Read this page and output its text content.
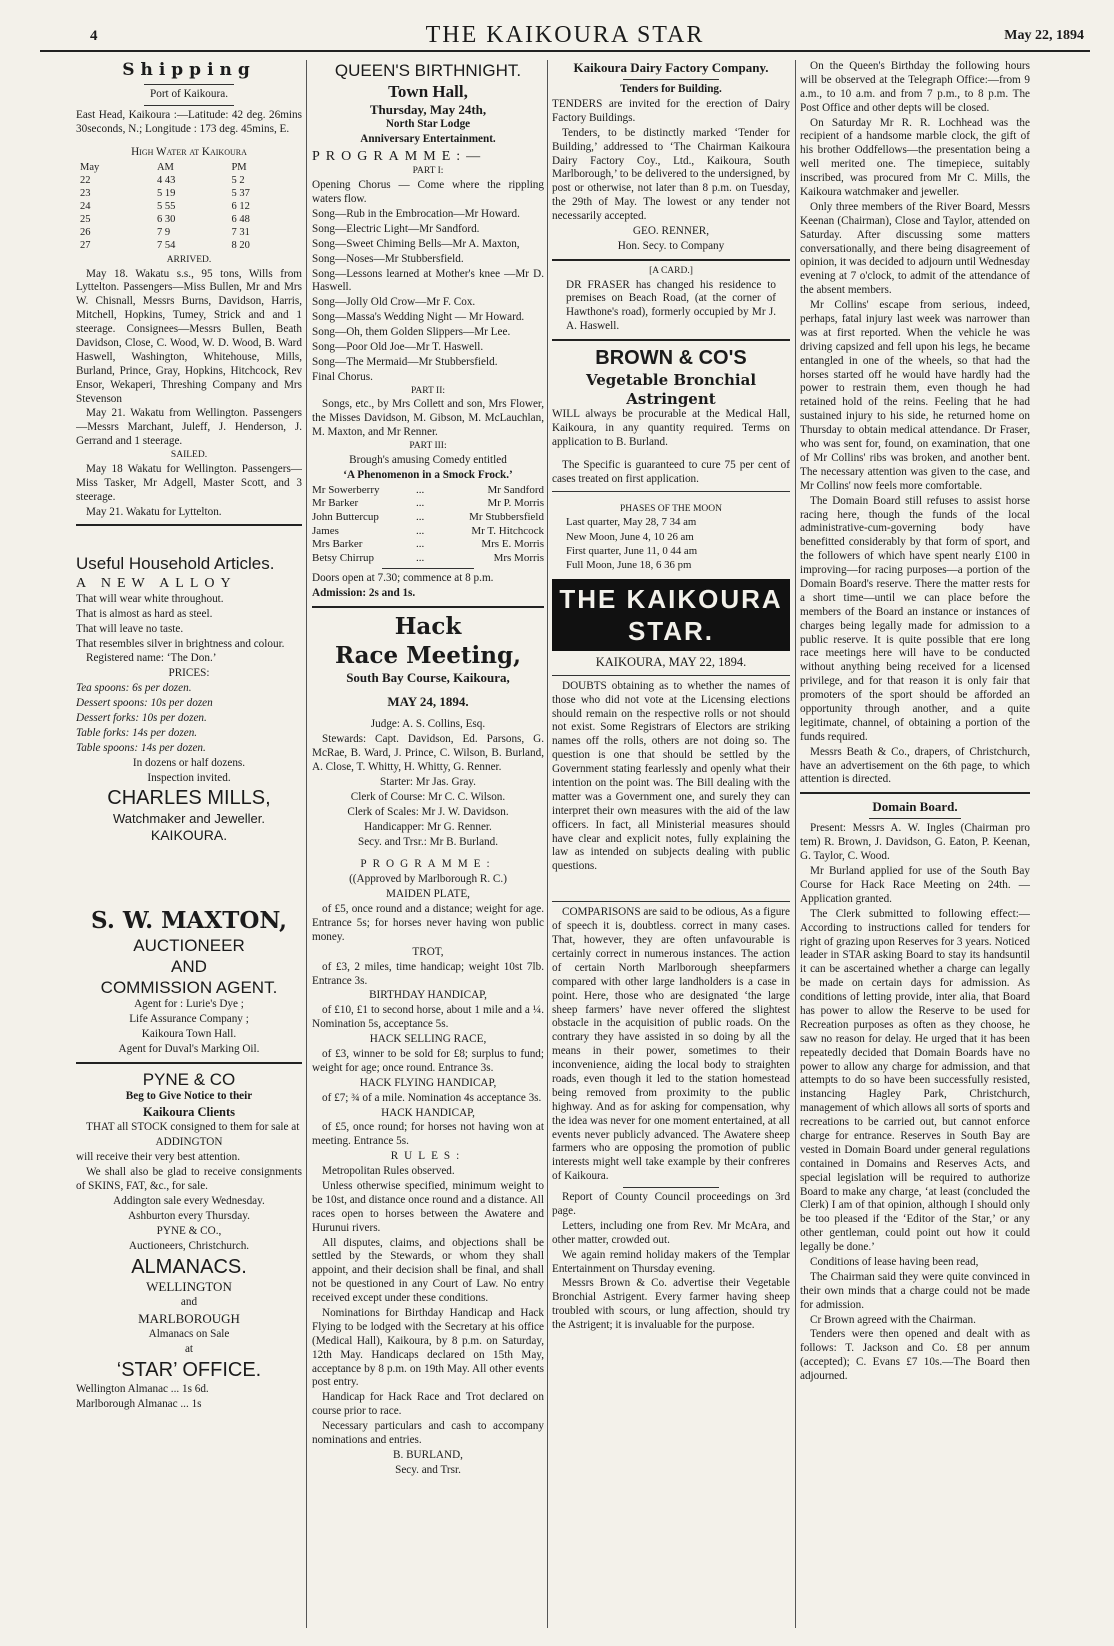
4	THE KAIKOURA STAR	May 22, 1894
Shipping

Port of Kaikoura.

East Head, Kaikoura :—Latitude: 42 deg. 26mins 30seconds, N.; Longitude : 173 deg. 45mins, E.

High Water at Kaikoura

May	AM	PM
22	4 43	5 2
23	5 19	5 37
24	5 55	6 12
25	6 30	6 48
26	7 9	7 31
27	7 54	8 20

ARRIVED.

May 18. Wakatu s.s., 95 tons, Wills from Lyttelton. Passengers—Miss Bullen, Mr and Mrs W. Chisnall, Messrs Burns, Davidson, Harris, Mitchell, Hopkins, Tumey, Strick and and 1 steerage. Consignees—Messrs Bullen, Beath Davidson, Close, C. Wood, W. D. Wood, B. Ward Haswell, Washington, Whitehouse, Mills, Burland, Prince, Gray, Hopkins, Hitchcock, Rev Ensor, Wekaperi, Threshing Company and Mrs Stevenson

May 21. Wakatu from Wellington. Passengers—Messrs Marchant, Juleff, J. Henderson, J. Gerrand and 1 steerage.

SAILED.

May 18 Wakatu for Wellington. Passengers—Miss Tasker, Mr Adgell, Master Scott, and 3 steerage.

May 21. Wakatu for Lyttelton.

Useful Household Articles.

A NEW ALLOY

That will wear white throughout.

That is almost as hard as steel.

That will leave no taste.

That resembles silver in brightness and colour.

Registered name: ‘The Don.’

PRICES:

Tea spoons: 6s per dozen.

Dessert spoons: 10s per dozen

Dessert forks: 10s per dozen.

Table forks: 14s per dozen.

Table spoons: 14s per dozen.

In dozens or half dozens.

Inspection invited.

CHARLES MILLS,
Watchmaker and Jeweller.
KAIKOURA.
S. W. MAXTON,
AUCTIONEER
AND
COMMISSION AGENT.

Agent for : Lurie's Dye ;

Life Assurance Company ;

Kaikoura Town Hall.

Agent for Duval's Marking Oil.

PYNE & CO

Beg to Give Notice to their

Kaikoura Clients

THAT all STOCK consigned to them for sale at

ADDINGTON

will receive their very best attention.

We shall also be glad to receive consignments of SKINS, FAT, &c., for sale.

Addington sale every Wednesday.

Ashburton every Thursday.

PYNE & CO.,

Auctioneers, Christchurch.

ALMANACS.

WELLINGTON

and

MARLBOROUGH

Almanacs on Sale

at

‘STAR’ OFFICE.

Wellington Almanac ... 1s 6d.

Marlborough Almanac ... 1s

QUEEN'S BIRTHNIGHT.
Town Hall,
Thursday, May 24th,

North Star Lodge

Anniversary Entertainment.

PROGRAMME:—

PART I:

Opening Chorus — Come where the rippling waters flow.

Song—Rub in the Embrocation—Mr Howard.

Song—Electric Light—Mr Sandford.

Song—Sweet Chiming Bells—Mr A. Maxton,

Song—Noses—Mr Stubbersfield.

Song—Lessons learned at Mother's knee —Mr D. Haswell.

Song—Jolly Old Crow—Mr F. Cox.

Song—Massa's Wedding Night — Mr Howard.

Song—Oh, them Golden Slippers—Mr Lee.

Song—Poor Old Joe—Mr T. Haswell.

Song—The Mermaid—Mr Stubbersfield.

Final Chorus.

PART II:

Songs, etc., by Mrs Collett and son, Mrs Flower, the Misses Davidson, M. Gibson, M. McLauchlan, M. Maxton, and Mr Renner.

PART III:

Brough's amusing Comedy entitled

‘A Phenomenon in a Smock Frock.’

Mr Sowerberry	...	Mr Sandford
Mr Barker	...	Mr P. Morris
John Buttercup	...	Mr Stubbersfield
James	...	Mr T. Hitchcock
Mrs Barker	...	Mrs E. Morris
Betsy Chirrup	...	Mrs Morris

Doors open at 7.30; commence at 8 p.m.

Admission: 2s and 1s.

Hack
Race Meeting,
South Bay Course, Kaikoura,
MAY 24, 1894.

Judge: A. S. Collins, Esq.

Stewards: Capt. Davidson, Ed. Parsons, G. McRae, B. Ward, J. Prince, C. Wilson, B. Burland, A. Close, T. Whitty, H. Whitty, G. Renner.

Starter: Mr Jas. Gray.

Clerk of Course: Mr C. C. Wilson.

Clerk of Scales: Mr J. W. Davidson.

Handicapper: Mr G. Renner.

Secy. and Trsr.: Mr B. Burland.

PROGRAMME:

((Approved by Marlborough R. C.)

MAIDEN PLATE,

of £5, once round and a distance; weight for age. Entrance 5s; for horses never having won public money.

TROT,

of £3, 2 miles, time handicap; weight 10st 7lb. Entrance 3s.

BIRTHDAY HANDICAP,

of £10, £1 to second horse, about 1 mile and a ¼. Nomination 5s, acceptance 5s.

HACK SELLING RACE,

of £3, winner to be sold for £8; surplus to fund; weight for age; once round. Entrance 3s.

HACK FLYING HANDICAP,

of £7; ¾ of a mile. Nomination 4s acceptance 3s.

HACK HANDICAP,

of £5, once round; for horses not having won at meeting. Entrance 5s.

RULES:

Metropolitan Rules observed.

Unless otherwise specified, minimum weight to be 10st, and distance once round and a distance. All races open to horses between the Awatere and Hurunui rivers.

All disputes, claims, and objections shall be settled by the Stewards, or whom they shall appoint, and their decision shall be final, and shall not be questioned in any Court of Law. No entry received except under these conditions.

Nominations for Birthday Handicap and Hack Flying to be lodged with the Secretary at his office (Medical Hall), Kaikoura, by 8 p.m. on Saturday, 12th May. Handicaps declared on 15th May, acceptance by 8 p.m. on 19th May. All other events post entry.

Handicap for Hack Race and Trot declared on course prior to race.

Necessary particulars and cash to accompany nominations and entries.

B. BURLAND,

Secy. and Trsr.

Kaikoura Dairy Factory Company.

Tenders for Building.

TENDERS are invited for the erection of Dairy Factory Buildings.

Tenders, to be distinctly marked ‘Tender for Building,’ addressed to ‘The Chairman Kaikoura Dairy Factory Coy., Ltd., Kaikoura, South Marlborough,’ to be delivered to the undersigned, by post or otherwise, not later than 8 p.m. on Tuesday, the 29th of May. The lowest or any tender not necessarily accepted.

GEO. RENNER,

Hon. Secy. to Company

[A CARD.]

DR FRASER has changed his residence to premises on Beach Road, (at the corner of Hawthone's road), formerly occupied by Mr J. A. Haswell.

BROWN & CO'S
Vegetable Bronchial Astringent

WILL always be procurable at the Medical Hall, Kaikoura, in any quantity required. Terms on application to B. Burland.

The Specific is guaranteed to cure 75 per cent of cases treated on first application.

PHASES OF THE MOON

Last quarter, May 28, 7 34 am

New Moon, June 4, 10 26 am

First quarter, June 11, 0 44 am

Full Moon, June 18, 6 36 pm

THE KAIKOURA STAR.

KAIKOURA, MAY 22, 1894.

DOUBTS obtaining as to whether the names of those who did not vote at the Licensing elections should remain on the respective rolls or not should not exist. Some Registrars of Electors are striking names off the rolls, others are not doing so. The question is one that should be settled by the Government stating fearlessly and openly what their intention on the point was. The Bill dealing with the matter was a Government one, and surely they can interpret their own measures with the aid of the law officers. In fact, all Ministerial measures should have clear and explicit notes, fully explaining the law as intended on subjects dealing with public questions.

COMPARISONS are said to be odious, As a figure of speech it is, doubtless. correct in many cases. That, however, they are often unfavourable is certainly correct in numerous instances. The action of certain North Marlborough sheepfarmers compared with other large landholders is a case in point. Here, those who are designated ‘the large sheep farmers’ have never offered the slightest obstacle in the acquisition of public roads. On the contrary they have assisted in so doing by all the means in their power, sometimes to their inconvenience, aiding the local body to straighten roads, even though it led to the station homestead being removed from proximity to the public highway. And as for asking for compensation, why the idea was never for one moment entertained, at all events never publicly advanced. The Awatere sheep farmers who are opposing the promotion of public interests might well take example by their confreres of Kaikoura.

Report of County Council proceedings on 3rd page.

Letters, including one from Rev. Mr McAra, and other matter, crowded out.

We again remind holiday makers of the Templar Entertainment on Thursday evening.

Messrs Brown & Co. advertise their Vegetable Bronchial Astrigent. Every farmer having sheep troubled with scours, or lung affection, should try the Astrigent; it is invaluable for the purpose.

On the Queen's Birthday the following hours will be observed at the Telegraph Office:—from 9 a.m., to 10 a.m. and from 7 p.m., to 8 p.m. The Post Office and other depts will be closed.

On Saturday Mr R. R. Lochhead was the recipient of a handsome marble clock, the gift of his brother Oddfellows—the presentation being a well merited one. The timepiece, suitably inscribed, was procured from Mr C. Mills, the Kaikoura watchmaker and jeweller.

Only three members of the River Board, Messrs Keenan (Chairman), Close and Taylor, attended on Saturday. After discussing some matters conversationally, and there being disagreement of opinion, it was decided to adjourn until Wednesday evening at 7 o'clock, to admit of the attendance of the absent members.

Mr Collins' escape from serious, indeed, perhaps, fatal injury last week was narrower than was at first reported. When the vehicle he was driving capsized and fell upon his legs, he became entangled in one of the wheels, so that had the horses started off he would have hardly had the power to restrain them, even though he had retained hold of the reins. Feeling that he had sustained injury to his side, he returned home on Thursday to obtain medical attendance. Dr Fraser, who was sent for, found, on examination, that one of Mr Collins' ribs was broken, and another bent. The necessary attention was given to the case, and Mr Collins' now feels more comfortable.

The Domain Board still refuses to assist horse racing here, though the funds of the local administrative-cum-governing body have benefitted considerably by that form of sport, and the followers of which have spent nearly £100 in improving—for racing purposes—a portion of the Domain Board's reserve. There the matter rests for a short time—until we can place before the members of the Board an instance or instances of charges being legally made for admission to a public reserve. It is quite possible that ere long race meetings here will have to be conducted without anything being received for a licensed privilege, and for that reason it is only fair that promoters of the sport should be afforded an opportunity through another, and a quite legitimate, channel, of obtaining a portion of the funds required.

Messrs Beath & Co., drapers, of Christchurch, have an advertisement on the 6th page, to which attention is directed.

Domain Board.

Present: Messrs A. W. Ingles (Chairman pro tem) R. Brown, J. Davidson, G. Eaton, P. Keenan, G. Taylor, C. Wood.

Mr Burland applied for use of the South Bay Course for Hack Race Meeting on 24th. — Application granted.

The Clerk submitted to following effect:—According to instructions called for tenders for right of grazing upon Reserves for 3 years. Noticed leader in STAR asking Board to stay its handsuntil it can be ascertained whether a charge can legally be made on certain days for admission. As conditions of letting provide, inter alia, that Board has power to allow the Reserve to be used for Recreation purposes as often as they choose, he saw no reason for delay. He urged that it has been repeatedly decided that Domain Boards have no power to allow any charge for admission, and that attempts to do so have been successfully resisted, instancing Hagley Park, Christchurch, management of which allows all sorts of sports and recreations to be carried out, but cannot enforce charge for entrance. Reserves in South Bay are vested in Domain Board under general regulations contained in Domains and Reserves Acts, and special legislation will be required to authorize Board to make any charge, ‘at least (concluded the Clerk) I am of that opinion, although I should only be too pleased if the ‘Editor of the Star,’ or any other gentleman, could point out how it could legally be done.’

Conditions of lease having been read,

The Chairman said they were quite convinced in their own minds that a charge could not be made for admission.

Cr Brown agreed with the Chairman.

Tenders were then opened and dealt with as follows: T. Jackson and Co. £8 per annum (accepted); C. Evans £7 10s.—The Board then adjourned.
